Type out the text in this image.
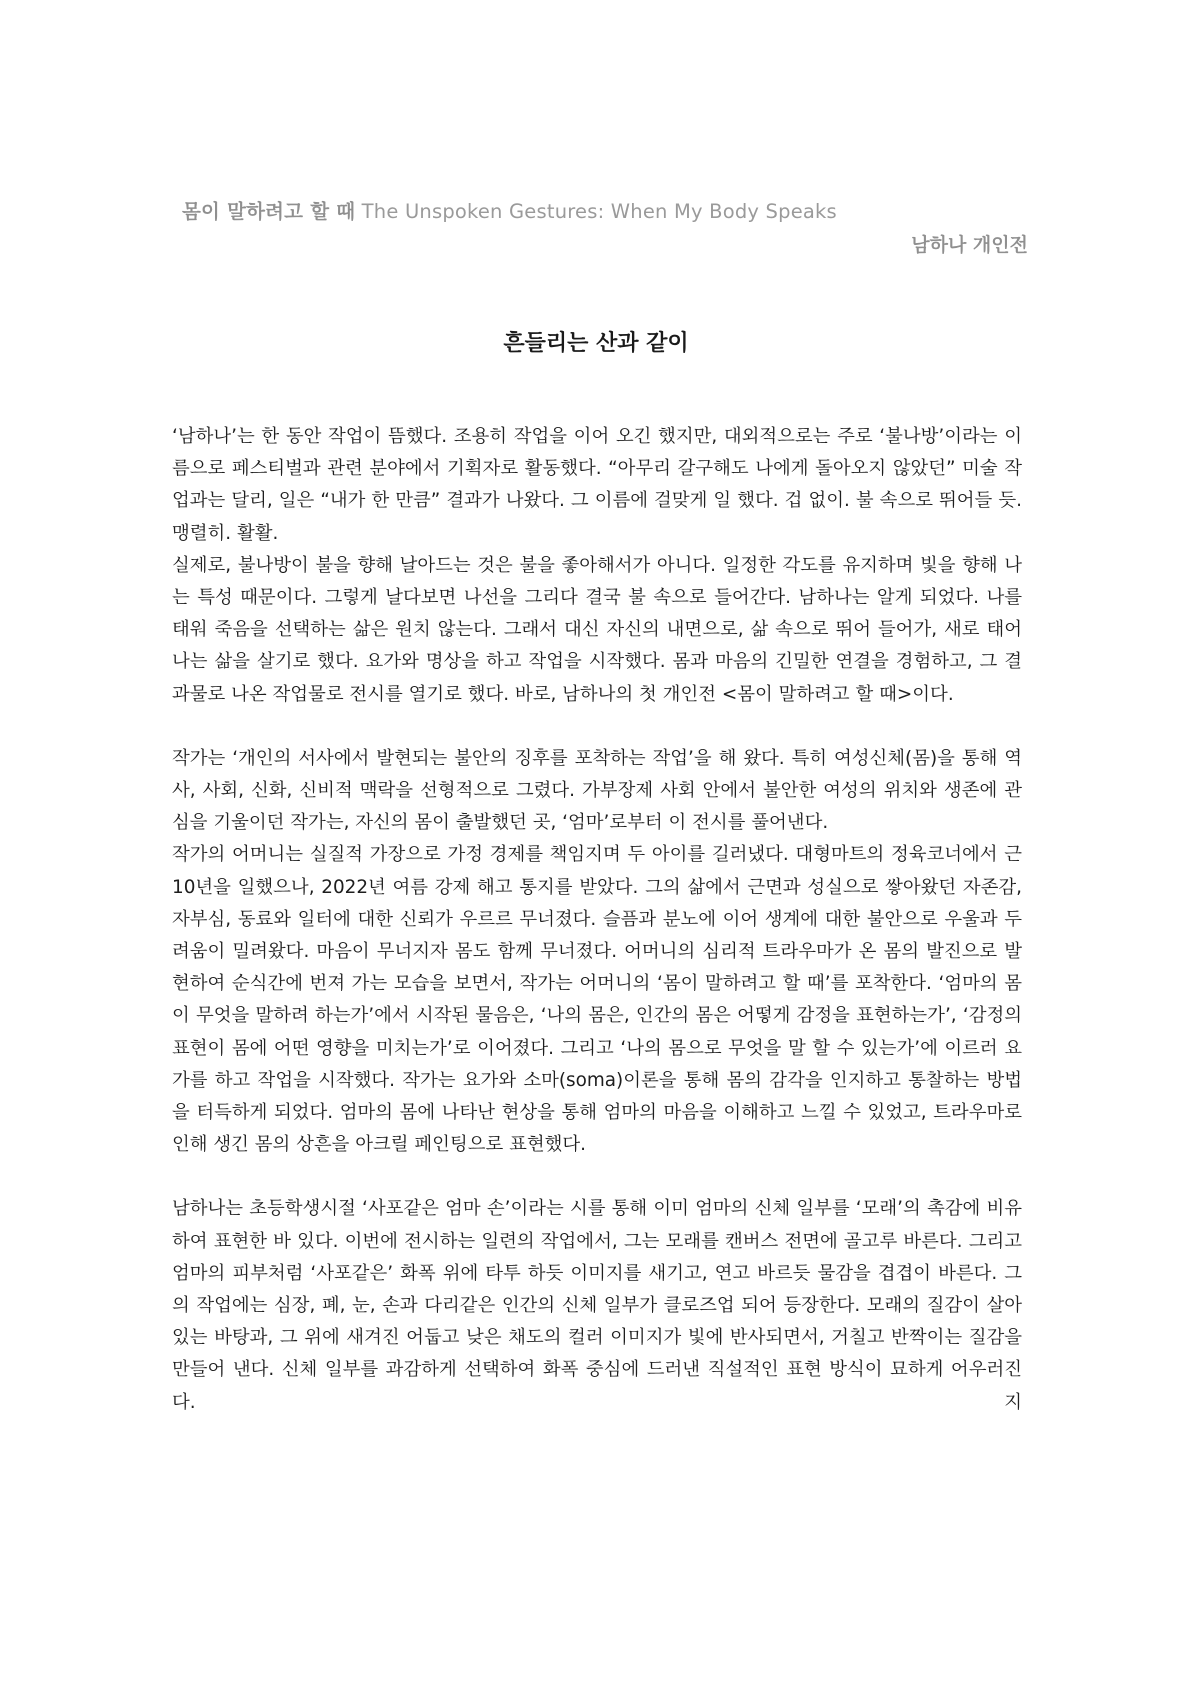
몸이 말하려고 할 때 The Unspoken Gestures: When My Body Speaks
남하나 개인전
흔들리는 산과 같이

‘남하나’는 한 동안 작업이 뜸했다. 조용히 작업을 이어 오긴 했지만, 대외적으로는 주로 ‘불나방’이라는 이름으로 페스티벌과 관련 분야에서 기획자로 활동했다. “아무리 갈구해도 나에게 돌아오지 않았던” 미술 작업과는 달리, 일은 “내가 한 만큼” 결과가 나왔다. 그 이름에 걸맞게 일 했다. 겁 없이. 불 속으로 뛰어들 듯. 맹렬히. 활활.

실제로, 불나방이 불을 향해 날아드는 것은 불을 좋아해서가 아니다. 일정한 각도를 유지하며 빛을 향해 나는 특성 때문이다. 그렇게 날다보면 나선을 그리다 결국 불 속으로 들어간다. 남하나는 알게 되었다. 나를 태워 죽음을 선택하는 삶은 원치 않는다. 그래서 대신 자신의 내면으로, 삶 속으로 뛰어 들어가, 새로 태어나는 삶을 살기로 했다. 요가와 명상을 하고 작업을 시작했다. 몸과 마음의 긴밀한 연결을 경험하고, 그 결과물로 나온 작업물로 전시를 열기로 했다. 바로, 남하나의 첫 개인전 <몸이 말하려고 할 때>이다.

작가는 ‘개인의 서사에서 발현되는 불안의 징후를 포착하는 작업’을 해 왔다. 특히 여성신체(몸)을 통해 역사, 사회, 신화, 신비적 맥락을 선형적으로 그렸다. 가부장제 사회 안에서 불안한 여성의 위치와 생존에 관심을 기울이던 작가는, 자신의 몸이 출발했던 곳, ‘엄마’로부터 이 전시를 풀어낸다.

작가의 어머니는 실질적 가장으로 가정 경제를 책임지며 두 아이를 길러냈다. 대형마트의 정육코너에서 근 10년을 일했으나, 2022년 여름 강제 해고 통지를 받았다. 그의 삶에서 근면과 성실으로 쌓아왔던 자존감, 자부심, 동료와 일터에 대한 신뢰가 우르르 무너졌다. 슬픔과 분노에 이어 생계에 대한 불안으로 우울과 두려움이 밀려왔다. 마음이 무너지자 몸도 함께 무너졌다. 어머니의 심리적 트라우마가 온 몸의 발진으로 발현하여 순식간에 번져 가는 모습을 보면서, 작가는 어머니의 ‘몸이 말하려고 할 때’를 포착한다. ‘엄마의 몸이 무엇을 말하려 하는가’에서 시작된 물음은, ‘나의 몸은, 인간의 몸은 어떻게 감정을 표현하는가’, ‘감정의 표현이 몸에 어떤 영향을 미치는가’로 이어졌다. 그리고 ‘나의 몸으로 무엇을 말 할 수 있는가’에 이르러 요가를 하고 작업을 시작했다. 작가는 요가와 소마(soma)이론을 통해 몸의 감각을 인지하고 통찰하는 방법을 터득하게 되었다. 엄마의 몸에 나타난 현상을 통해 엄마의 마음을 이해하고 느낄 수 있었고, 트라우마로 인해 생긴 몸의 상흔을 아크릴 페인팅으로 표현했다.

남하나는 초등학생시절 ‘사포같은 엄마 손’이라는 시를 통해 이미 엄마의 신체 일부를 ‘모래’의 촉감에 비유하여 표현한 바 있다. 이번에 전시하는 일련의 작업에서, 그는 모래를 캔버스 전면에 골고루 바른다. 그리고 엄마의 피부처럼 ‘사포같은’ 화폭 위에 타투 하듯 이미지를 새기고, 연고 바르듯 물감을 겹겹이 바른다. 그의 작업에는 심장, 폐, 눈, 손과 다리같은 인간의 신체 일부가 클로즈업 되어 등장한다. 모래의 질감이 살아있는 바탕과, 그 위에 새겨진 어둡고 낮은 채도의 컬러 이미지가 빛에 반사되면서, 거칠고 반짝이는 질감을 만들어 낸다. 신체 일부를 과감하게 선택하여 화폭 중심에 드러낸 직설적인 표현 방식이 묘하게 어우러진다. 지
